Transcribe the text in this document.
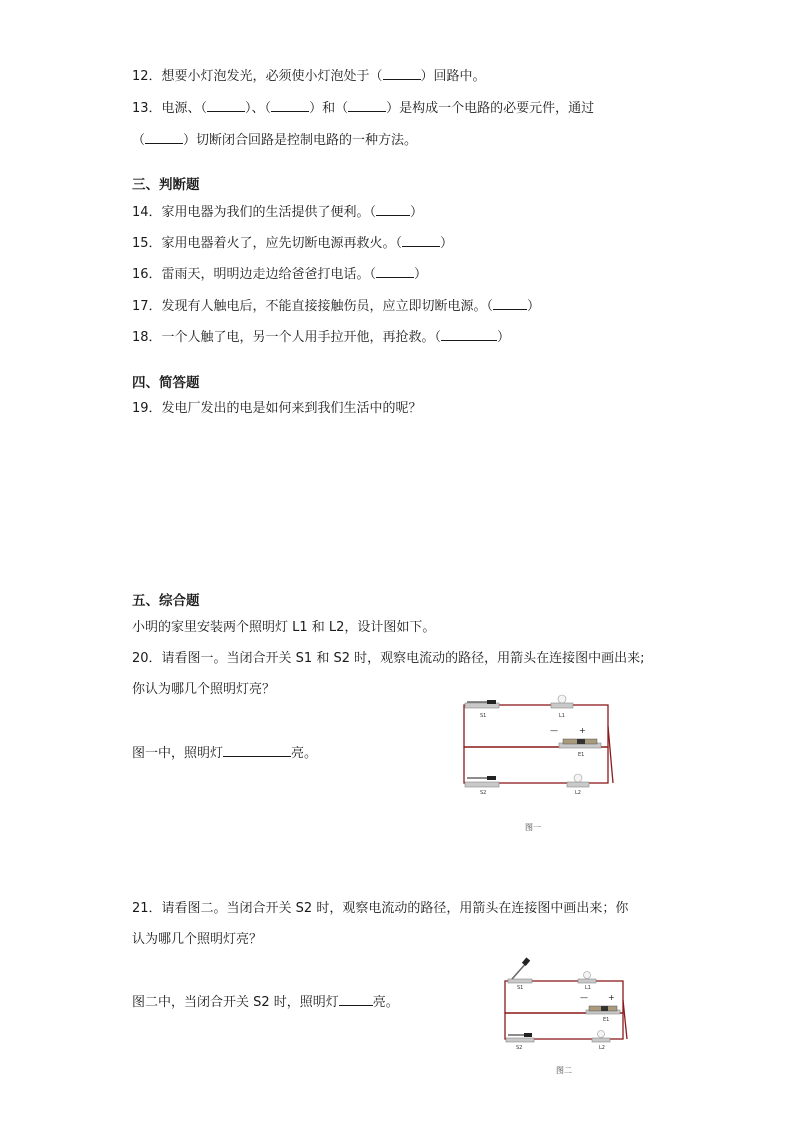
12．想要小灯泡发光，必须使小灯泡处于（	）回路中。
13．电源、（	）、（	）和（	）是构成一个电路的必要元件，通过
（	）切断闭合回路是控制电路的一种方法。
三、判断题
14．家用电器为我们的生活提供了便利。（	）
15．家用电器着火了，应先切断电源再救火。（	）
16．雷雨天，明明边走边给爸爸打电话。（	）
17．发现有人触电后，不能直接接触伤员，应立即切断电源。（	）
18．一个人触了电，另一个人用手拉开他，再抢救。（	）
四、简答题
19．发电厂发出的电是如何来到我们生活中的呢？
五、综合题
小明的家里安装两个照明灯 L1 和 L2，设计图如下。
20．请看图一。当闭合开关 S1 和 S2 时，观察电流动的路径，用箭头在连接图中画出来;
你认为哪几个照明灯亮？
图一中，照明灯	亮。
S1	L1
—	+
E1
S2	L2
图一
21．请看图二。当闭合开关 S2 时，观察电流动的路径，用箭头在连接图中画出来；你
认为哪几个照明灯亮？
图二中，当闭合开关 S2 时，照明灯	亮。
S1	L1
—	+
E1
S2	L2
图二
